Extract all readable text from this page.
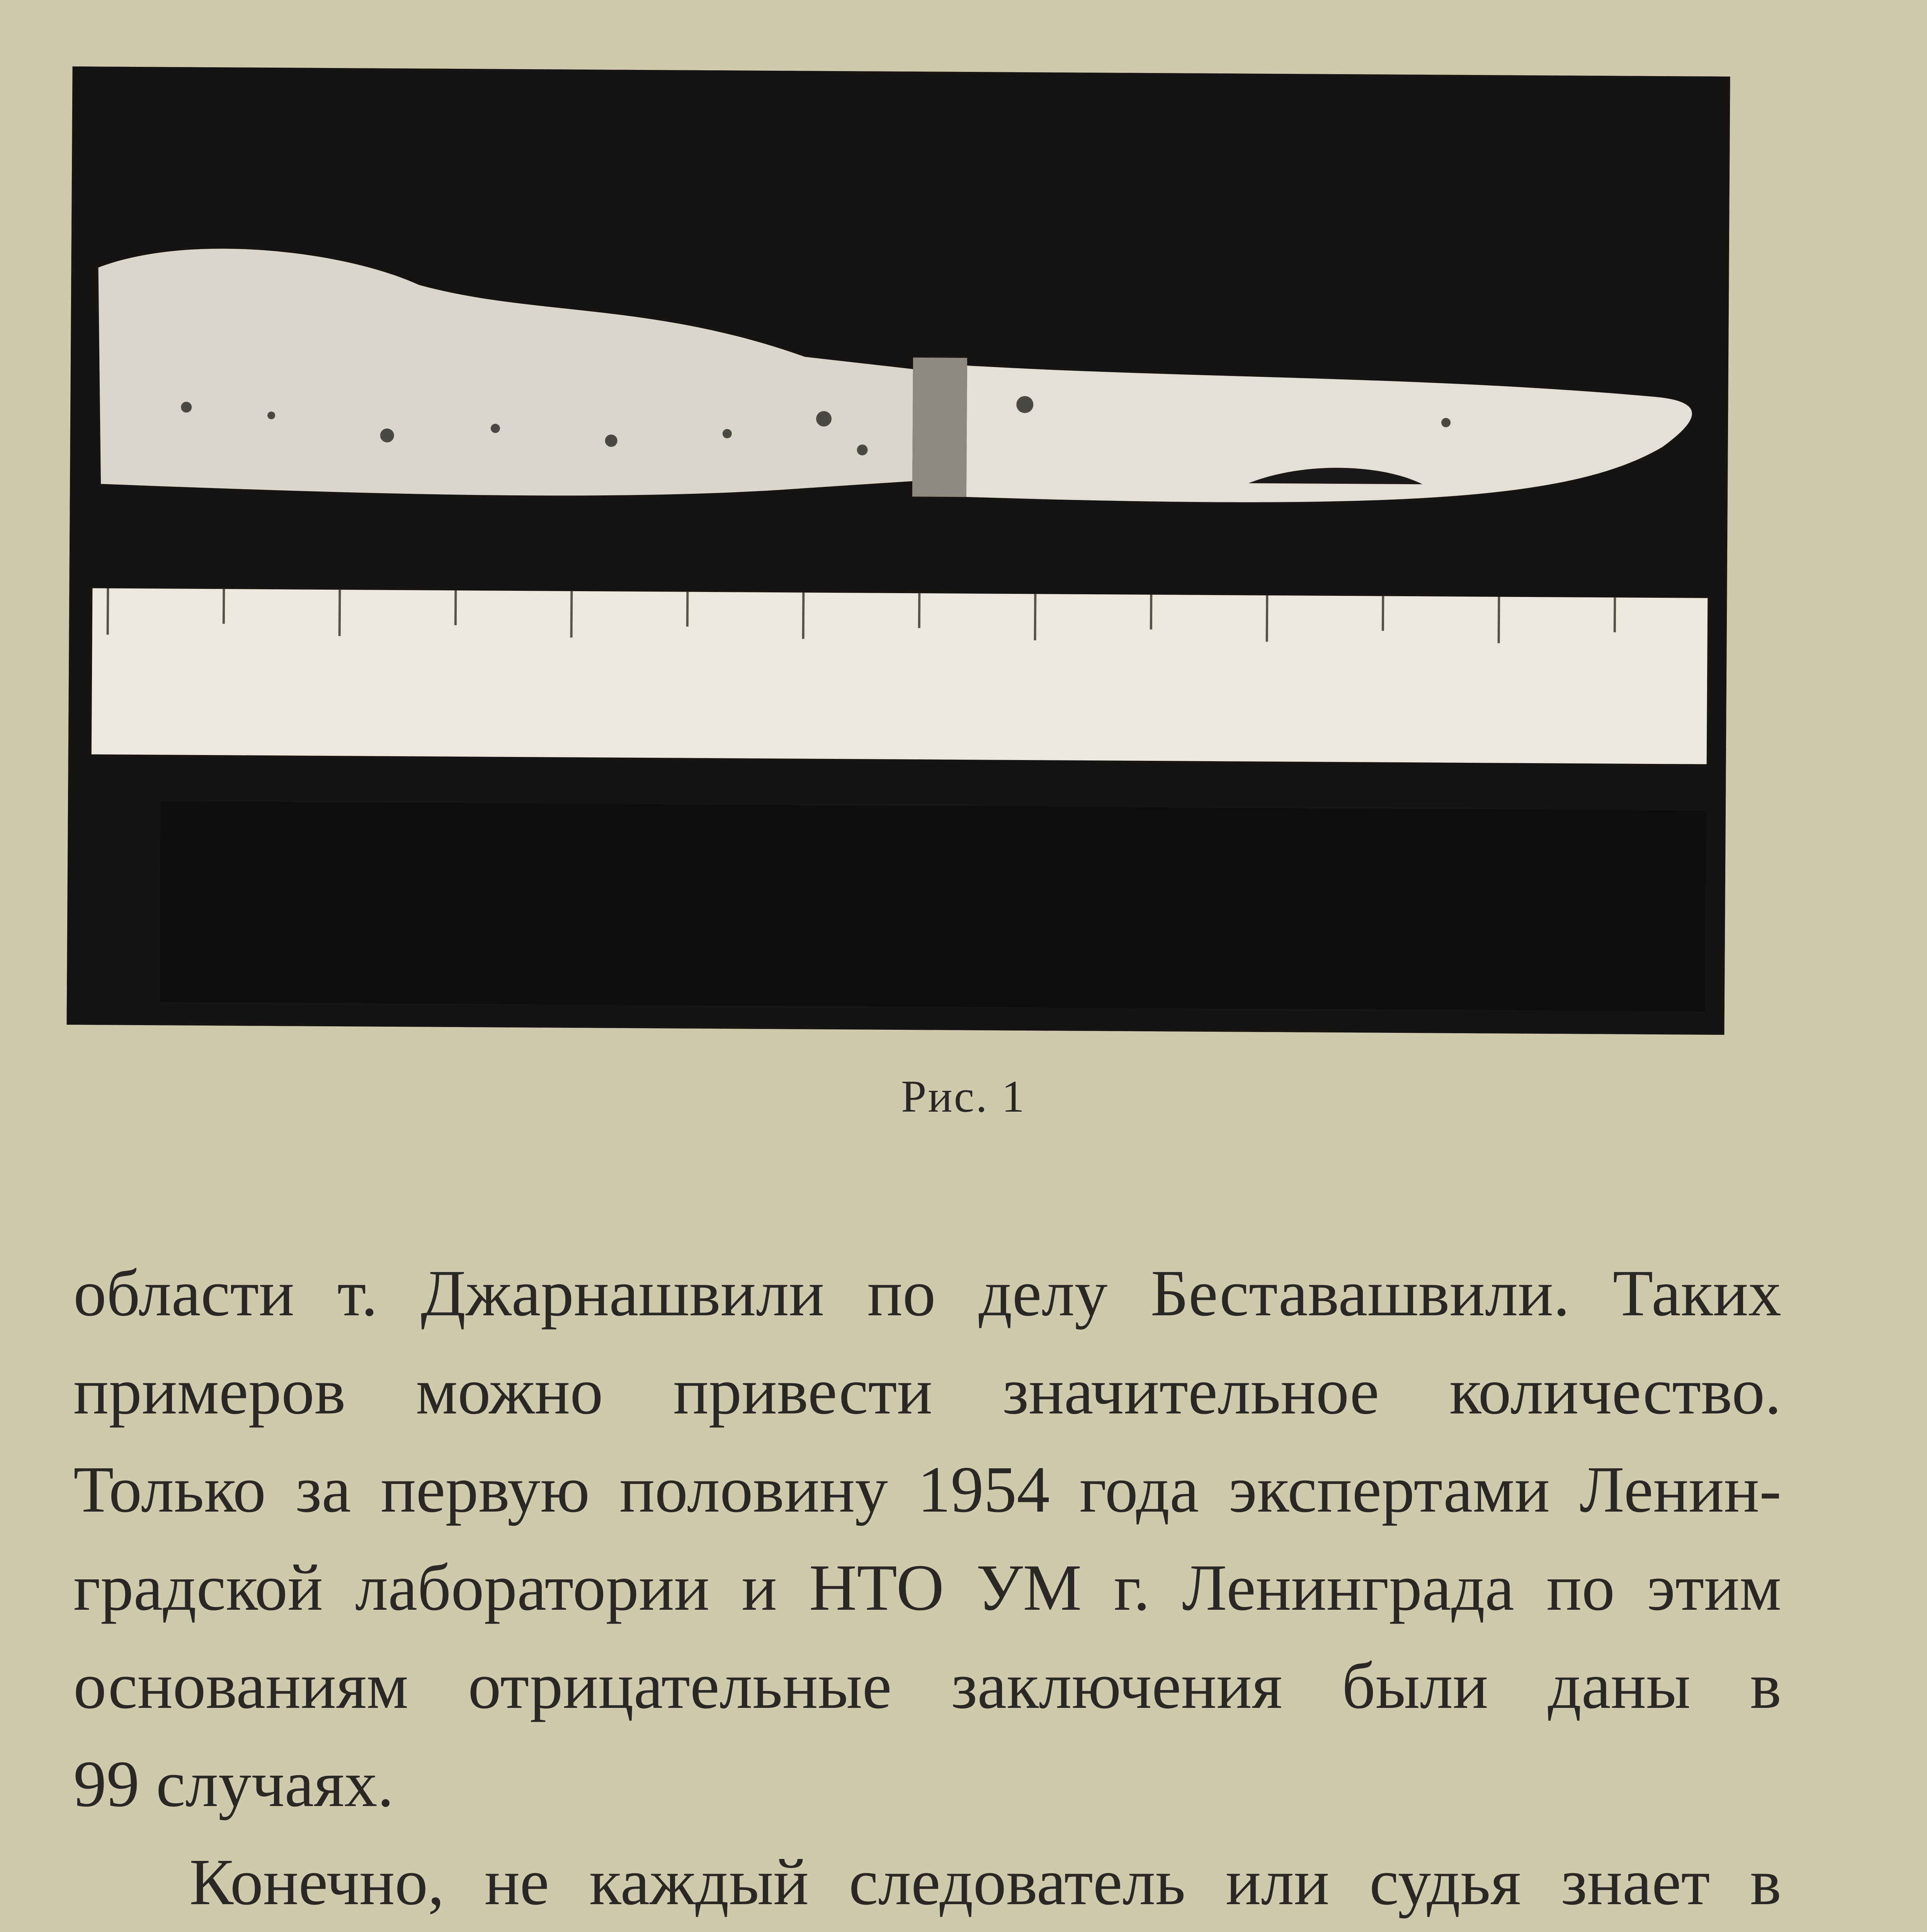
Рис. 1
области т. Джарнашвили по делу Беставашвили. Таких
примеров можно привести значительное количество.
Только за первую половину 1954 года экспертами Ленин-
градской лаборатории и НТО УМ г. Ленинграда по этим
основаниям отрицательные заключения были даны в
99 случаях.
Конечно, не каждый следователь или судья знает в
